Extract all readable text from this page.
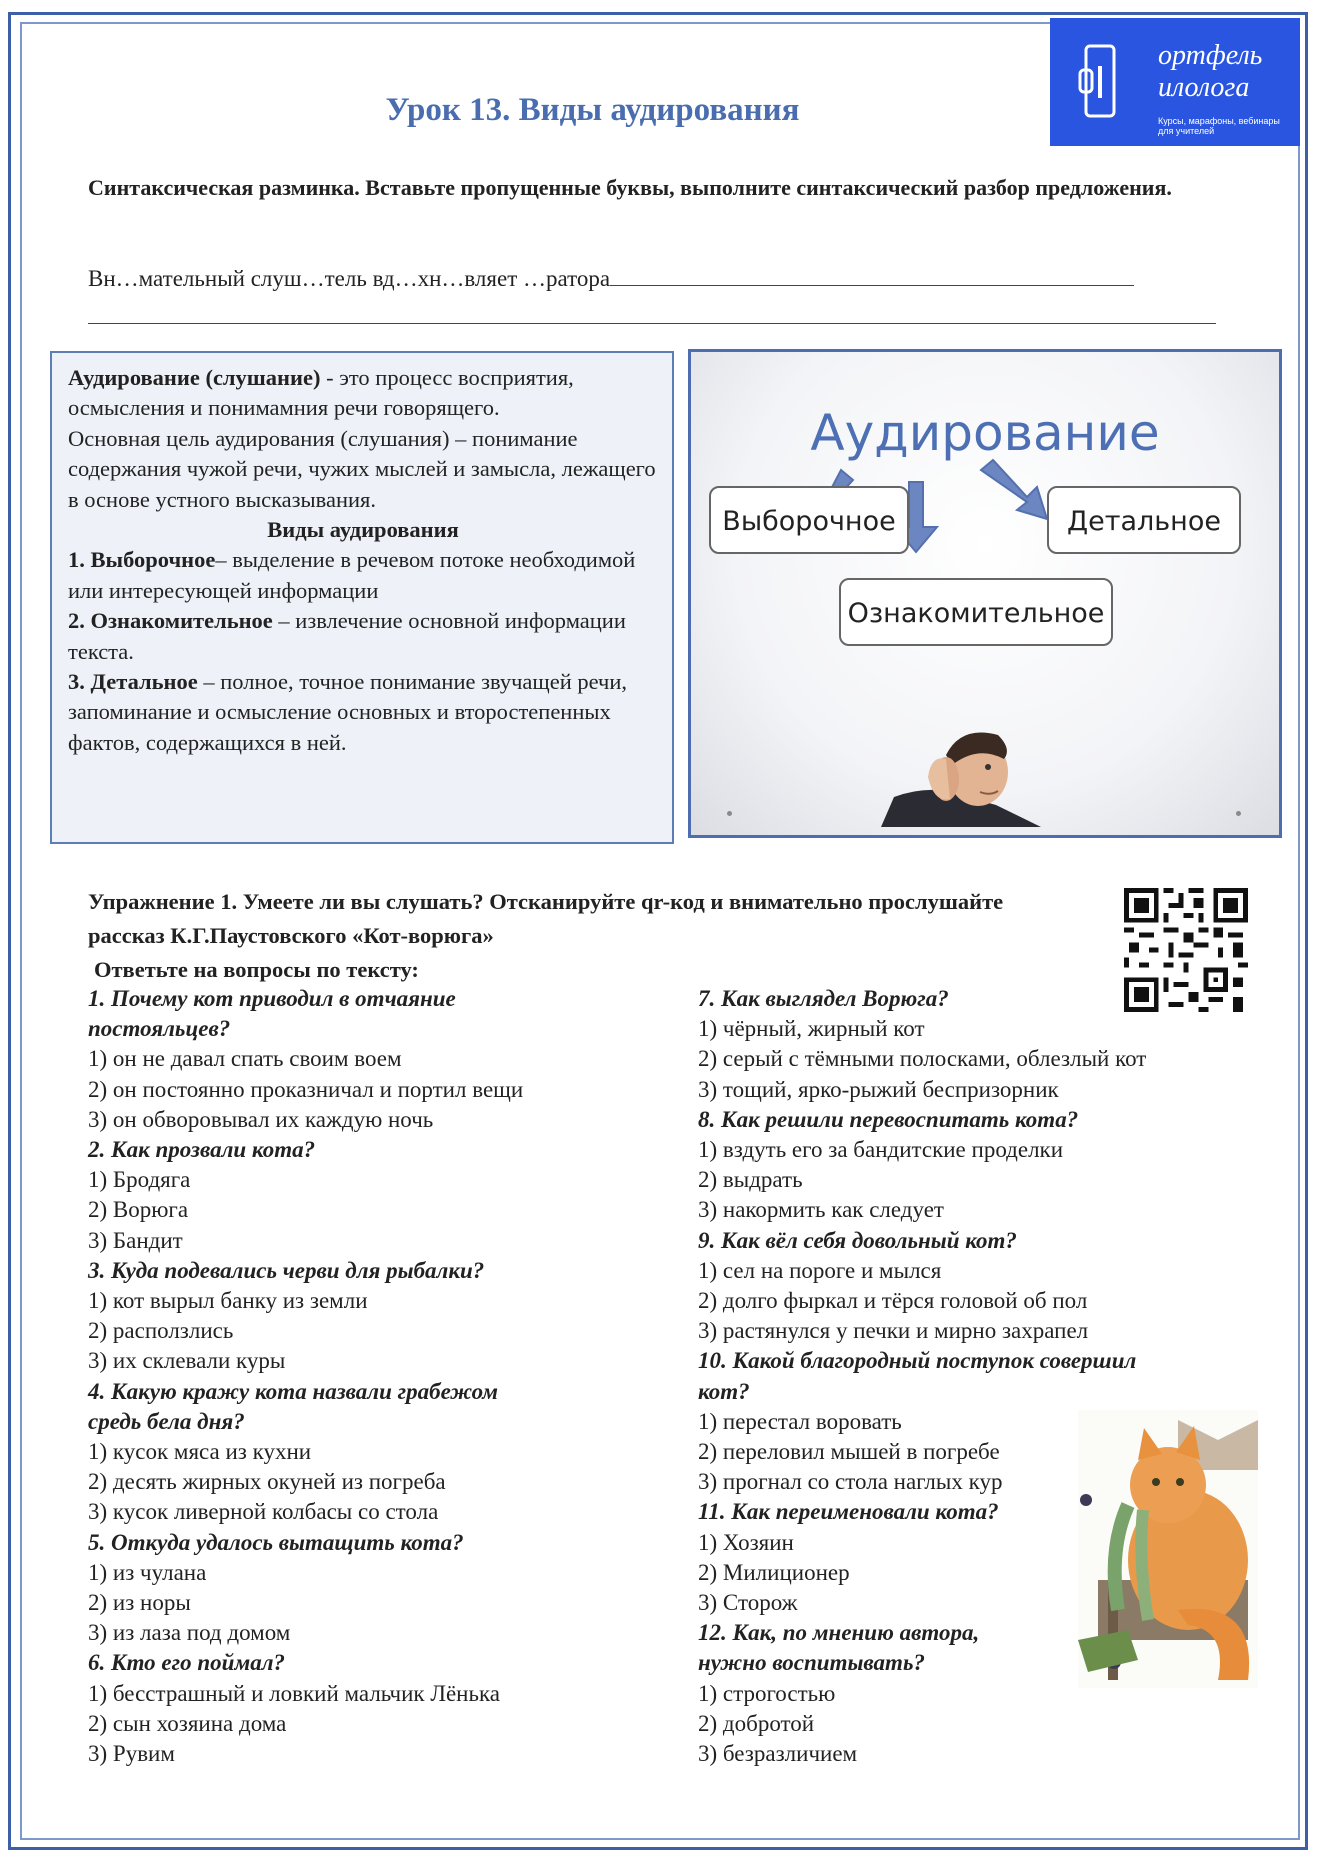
ортфель
илолога
Курсы, марафоны, вебинары для учителей
Урок 13. Виды аудирования
Синтаксическая разминка. Вставьте пропущенные буквы, выполните синтаксический разбор предложения.
Вн…мательный слуш…тель вд…хн…вляет …ратора

Аудирование (слушание) - это процесс восприятия, осмысления и понимамния речи говорящего.

Основная цель аудирования (слушания) – понимание содержания чужой речи, чужих мыслей и замысла, лежащего в основе устного высказывания.

Виды аудирования

1. Выборочное– выделение в речевом потоке необходимой или интересующей информации

2. Ознакомительное – извлечение основной информации текста.

3. Детальное – полное, точное понимание звучащей речи, запоминание и осмысление основных и второстепенных фактов, содержащихся в ней.

Аудирование
Выборочное	Детальное
Ознакомительное
Упражнение 1. Умеете ли вы слушать? Отсканируйте qr-код и внимательно прослушайте рассказ К.Г.Паустовского «Кот-ворюга»
Ответьте на вопросы по тексту:

1. Почему кот приводил в отчаяние

постояльцев?

1) он не давал спать своим воем

2) он постоянно проказничал и портил вещи

3) он обворовывал их каждую ночь

2. Как прозвали кота?

1) Бродяга

2) Ворюга

3) Бандит

3. Куда подевались черви для рыбалки?

1) кот вырыл банку из земли

2) расползлись

3) их склевали куры

4. Какую кражу кота назвали грабежом

средь бела дня?

1) кусок мяса из кухни

2) десять жирных окуней из погреба

3) кусок ливерной колбасы со стола

5. Откуда удалось вытащить кота?

1) из чулана

2) из норы

3) из лаза под домом

6. Кто его поймал?

1) бесстрашный и ловкий мальчик Лёнька

2) сын хозяина дома

3) Рувим

7. Как выглядел Ворюга?

1) чёрный, жирный кот

2) серый с тёмными полосками, облезлый кот

3) тощий, ярко-рыжий беспризорник

8. Как решили перевоспитать кота?

1) вздуть его за бандитские проделки

2) выдрать

3) накормить как следует

9. Как вёл себя довольный кот?

1) сел на пороге и мылся

2) долго фыркал и тёрся головой об пол

3) растянулся у печки и мирно захрапел

10. Какой благородный поступок совершил

кот?

1) перестал воровать

2) переловил мышей в погребе

3) прогнал со стола наглых кур

11. Как переименовали кота?

1) Хозяин

2) Милиционер

3) Сторож

12. Как, по мнению автора,

нужно воспитывать?

1) строгостью

2) добротой

3) безразличием
